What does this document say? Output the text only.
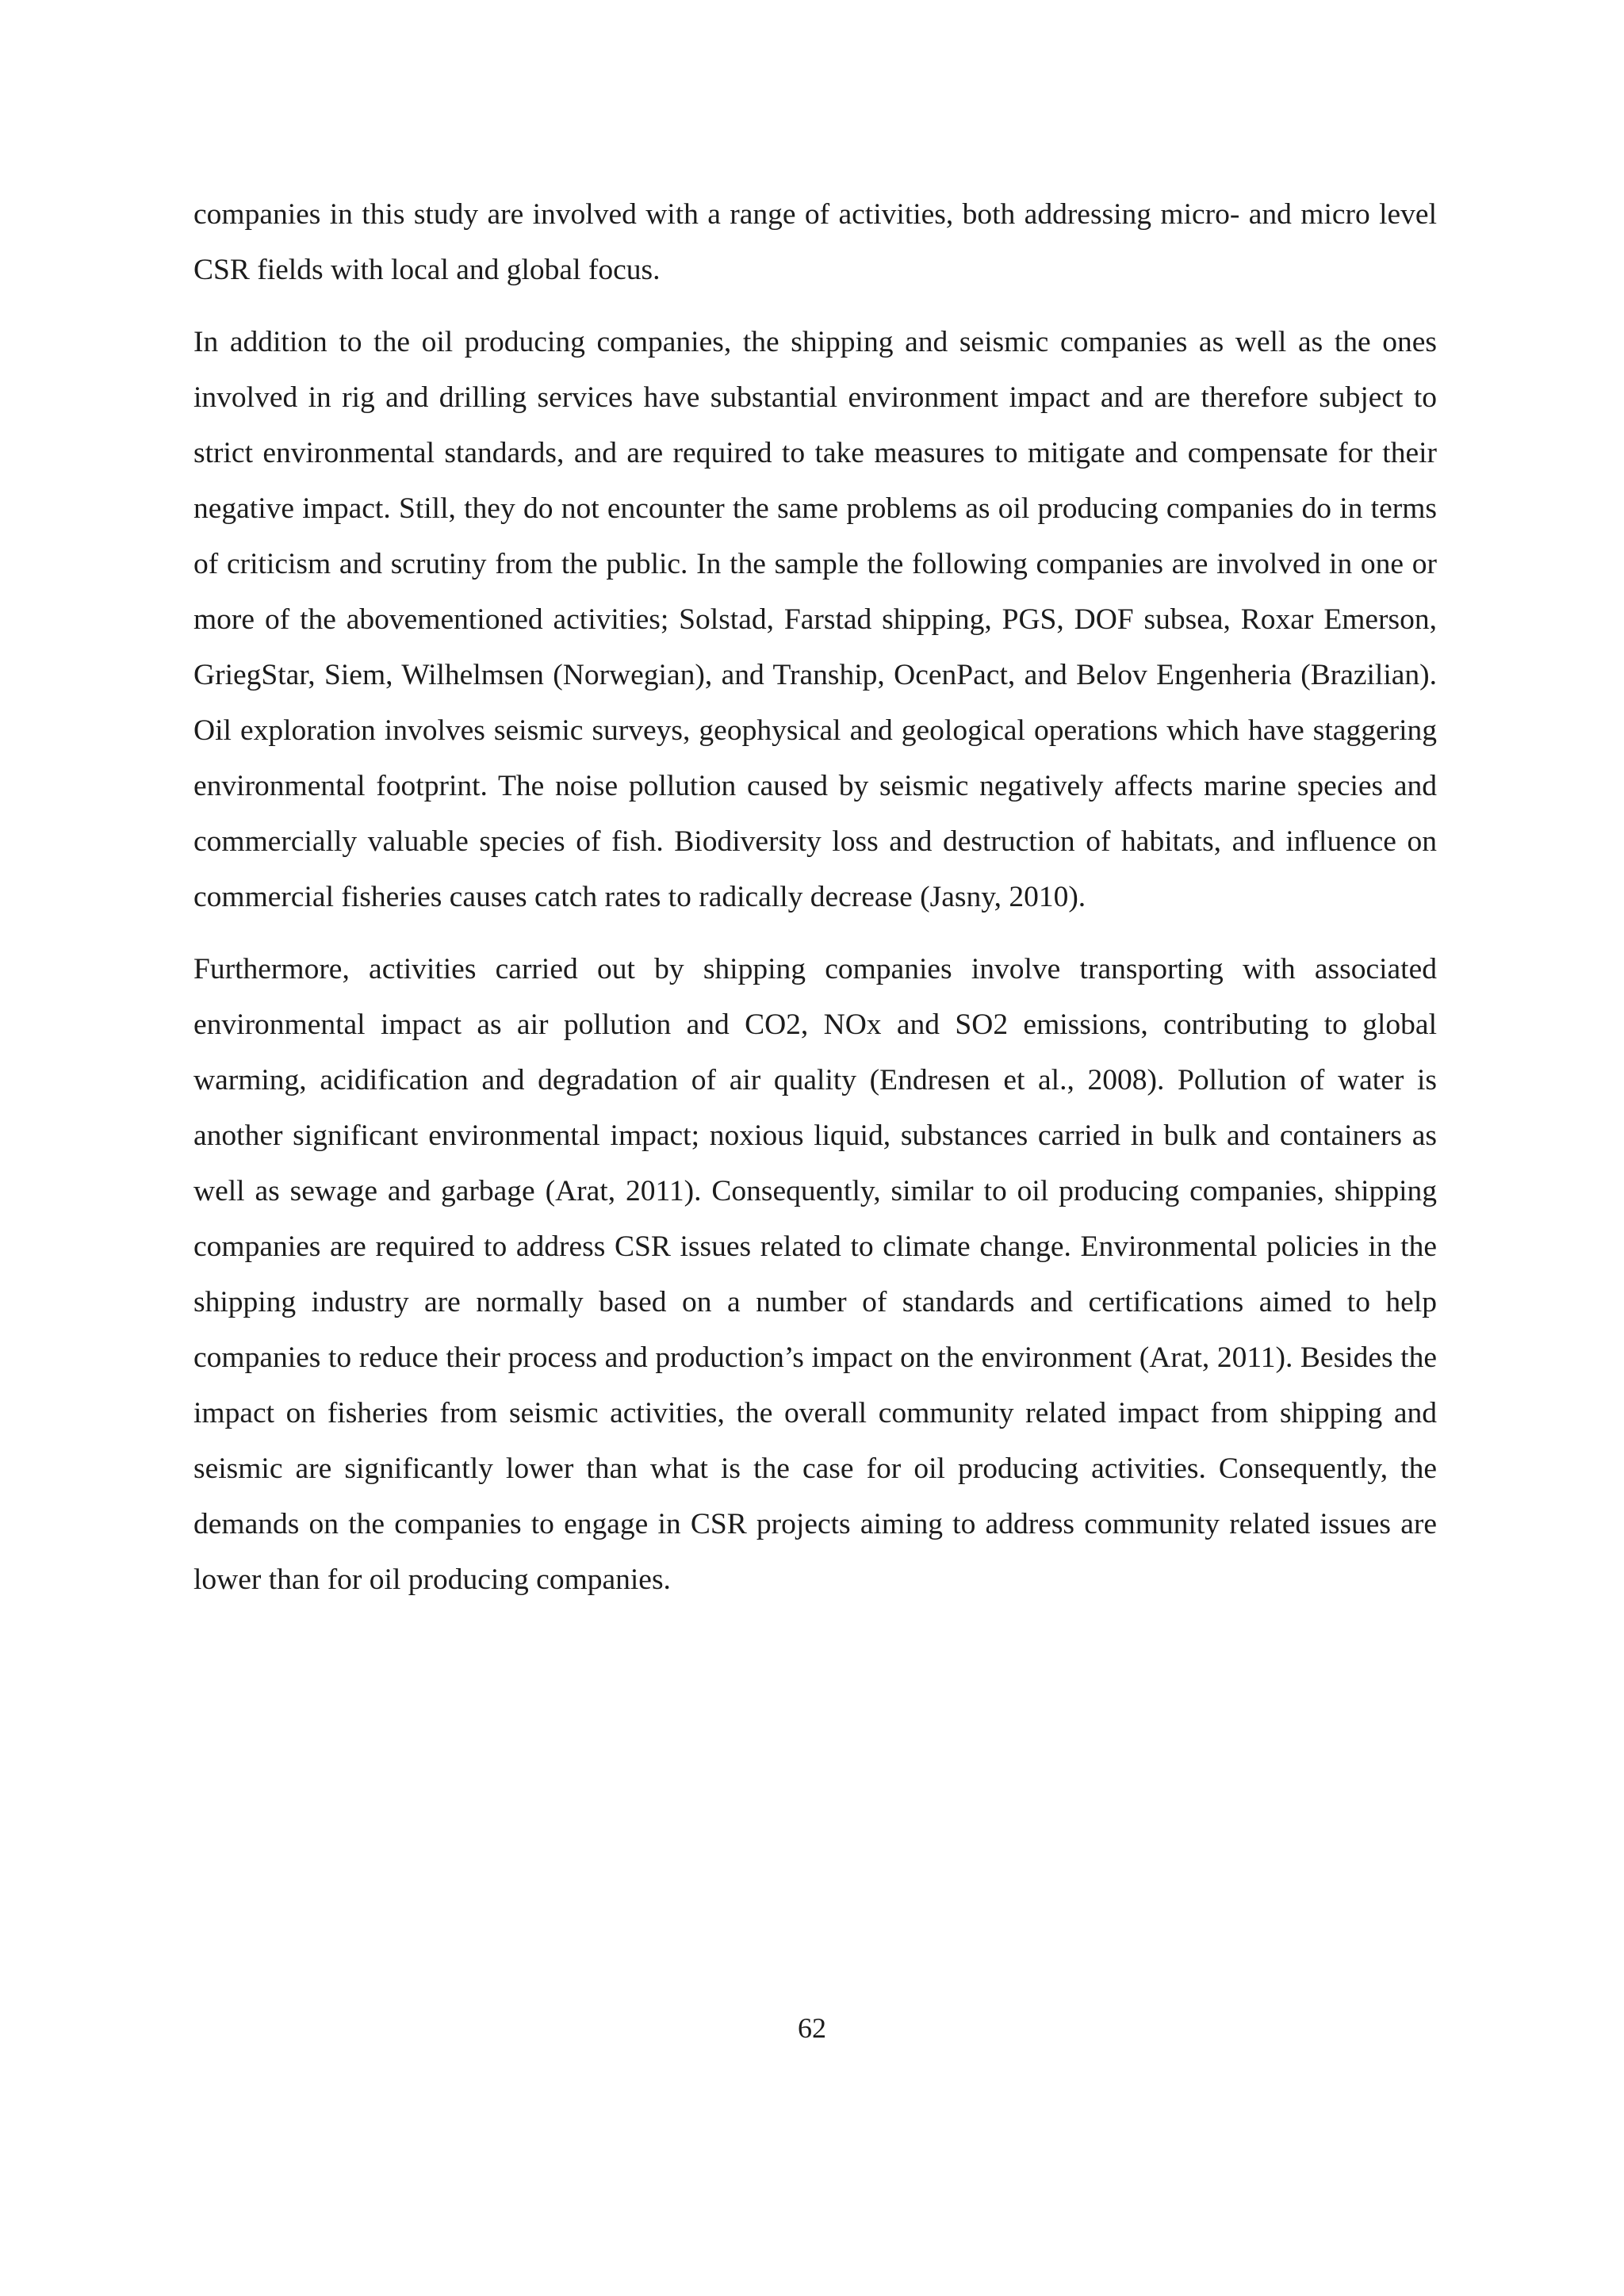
companies in this study are involved with a range of activities, both addressing micro- and micro level CSR fields with local and global focus.

In addition to the oil producing companies, the shipping and seismic companies as well as the ones involved in rig and drilling services have substantial environment impact and are therefore subject to strict environmental standards, and are required to take measures to mitigate and compensate for their negative impact. Still, they do not encounter the same problems as oil producing companies do in terms of criticism and scrutiny from the public. In the sample the following companies are involved in one or more of the abovementioned activities; Solstad, Farstad shipping, PGS, DOF subsea, Roxar Emerson, GriegStar, Siem, Wilhelmsen (Norwegian), and Tranship, OcenPact, and Belov Engenheria (Brazilian). Oil exploration involves seismic surveys, geophysical and geological operations which have staggering environmental footprint. The noise pollution caused by seismic negatively affects marine species and commercially valuable species of fish. Biodiversity loss and destruction of habitats, and influence on commercial fisheries causes catch rates to radically decrease (Jasny, 2010).

Furthermore, activities carried out by shipping companies involve transporting with associated environmental impact as air pollution and CO2, NOx and SO2 emissions, contributing to global warming, acidification and degradation of air quality (Endresen et al., 2008). Pollution of water is another significant environmental impact; noxious liquid, substances carried in bulk and containers as well as sewage and garbage (Arat, 2011). Consequently, similar to oil producing companies, shipping companies are required to address CSR issues related to climate change. Environmental policies in the shipping industry are normally based on a number of standards and certifications aimed to help companies to reduce their process and production’s impact on the environment (Arat, 2011). Besides the impact on fisheries from seismic activities, the overall community related impact from shipping and seismic are significantly lower than what is the case for oil producing activities. Consequently, the demands on the companies to engage in CSR projects aiming to address community related issues are lower than for oil producing companies.

62
